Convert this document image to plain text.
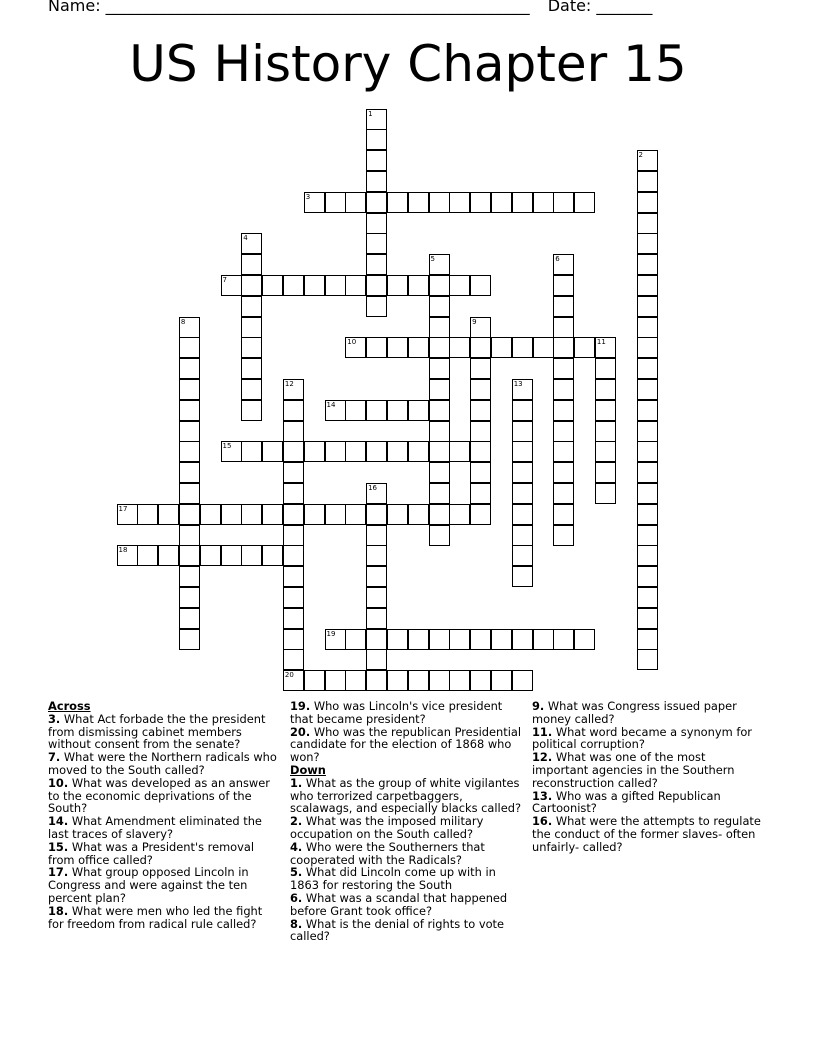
Name: _____________________________________________________ Date: _______
US History Chapter 15
1
2
3
4
5	6
7
8	9
10	11
12	13
14
15
16
17
18
19
20
Across
3. What Act forbade the the president from dismissing cabinet members without consent from the senate?
7. What were the Northern radicals who moved to the South called?
10. What was developed as an answer to the economic deprivations of the South?
14. What Amendment eliminated the last traces of slavery?
15. What was a President's removal from office called?
17. What group opposed Lincoln in Congress and were against the ten percent plan?
18. What were men who led the fight for freedom from radical rule called?
19. Who was Lincoln's vice president that became president?
20. Who was the republican Presidential candidate for the election of 1868 who won?
Down
1. What as the group of white vigilantes who terrorized carpetbaggers, scalawags, and especially blacks called?
2. What was the imposed military occupation on the South called?
4. Who were the Southerners that cooperated with the Radicals?
5. What did Lincoln come up with in 1863 for restoring the South
6. What was a scandal that happened before Grant took office?
8. What is the denial of rights to vote called?
9. What was Congress issued paper money called?
11. What word became a synonym for political corruption?
12. What was one of the most important agencies in the Southern reconstruction called?
13. Who was a gifted Republican Cartoonist?
16. What were the attempts to regulate the conduct of the former slaves- often unfairly- called?
